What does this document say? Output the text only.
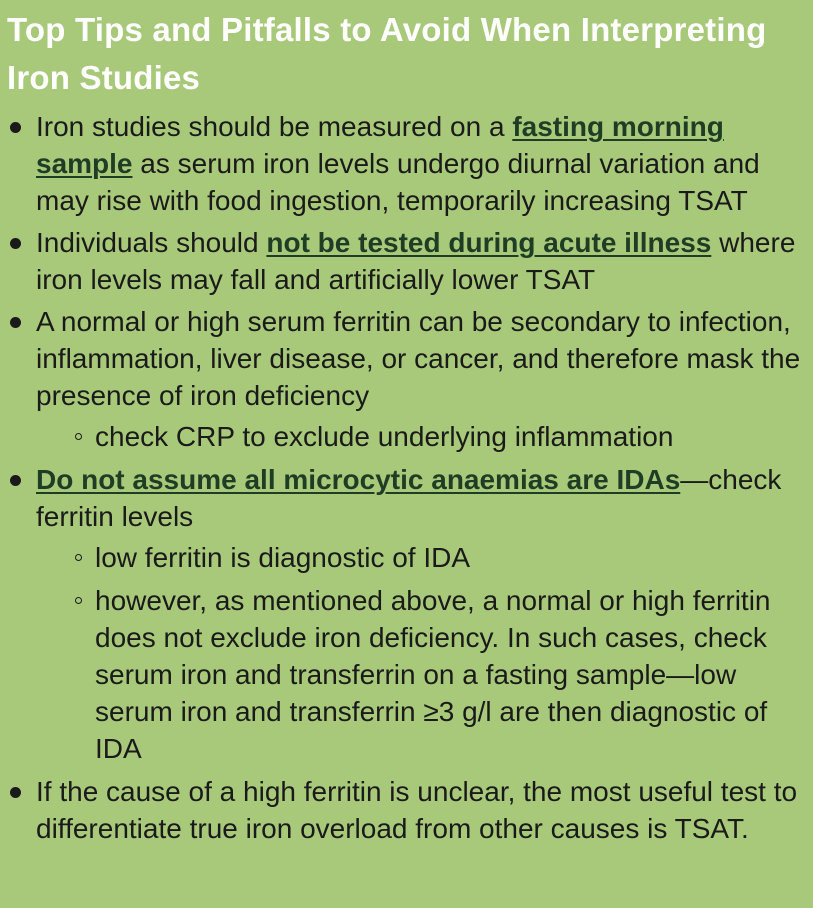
Top Tips and Pitfalls to Avoid When Interpreting Iron Studies
Iron studies should be measured on a fasting morning sample as serum iron levels undergo diurnal variation and may rise with food ingestion, temporarily increasing TSAT
Individuals should not be tested during acute illness where iron levels may fall and artificially lower TSAT
A normal or high serum ferritin can be secondary to infection, inflammation, liver disease, or cancer, and therefore mask the presence of iron deficiency
check CRP to exclude underlying inflammation
Do not assume all microcytic anaemias are IDAs—check ferritin levels
low ferritin is diagnostic of IDA
however, as mentioned above, a normal or high ferritin does not exclude iron deficiency. In such cases, check serum iron and transferrin on a fasting sample—low serum iron and transferrin ≥3 g/l are then diagnostic of IDA
If the cause of a high ferritin is unclear, the most useful test to differentiate true iron overload from other causes is TSAT.
